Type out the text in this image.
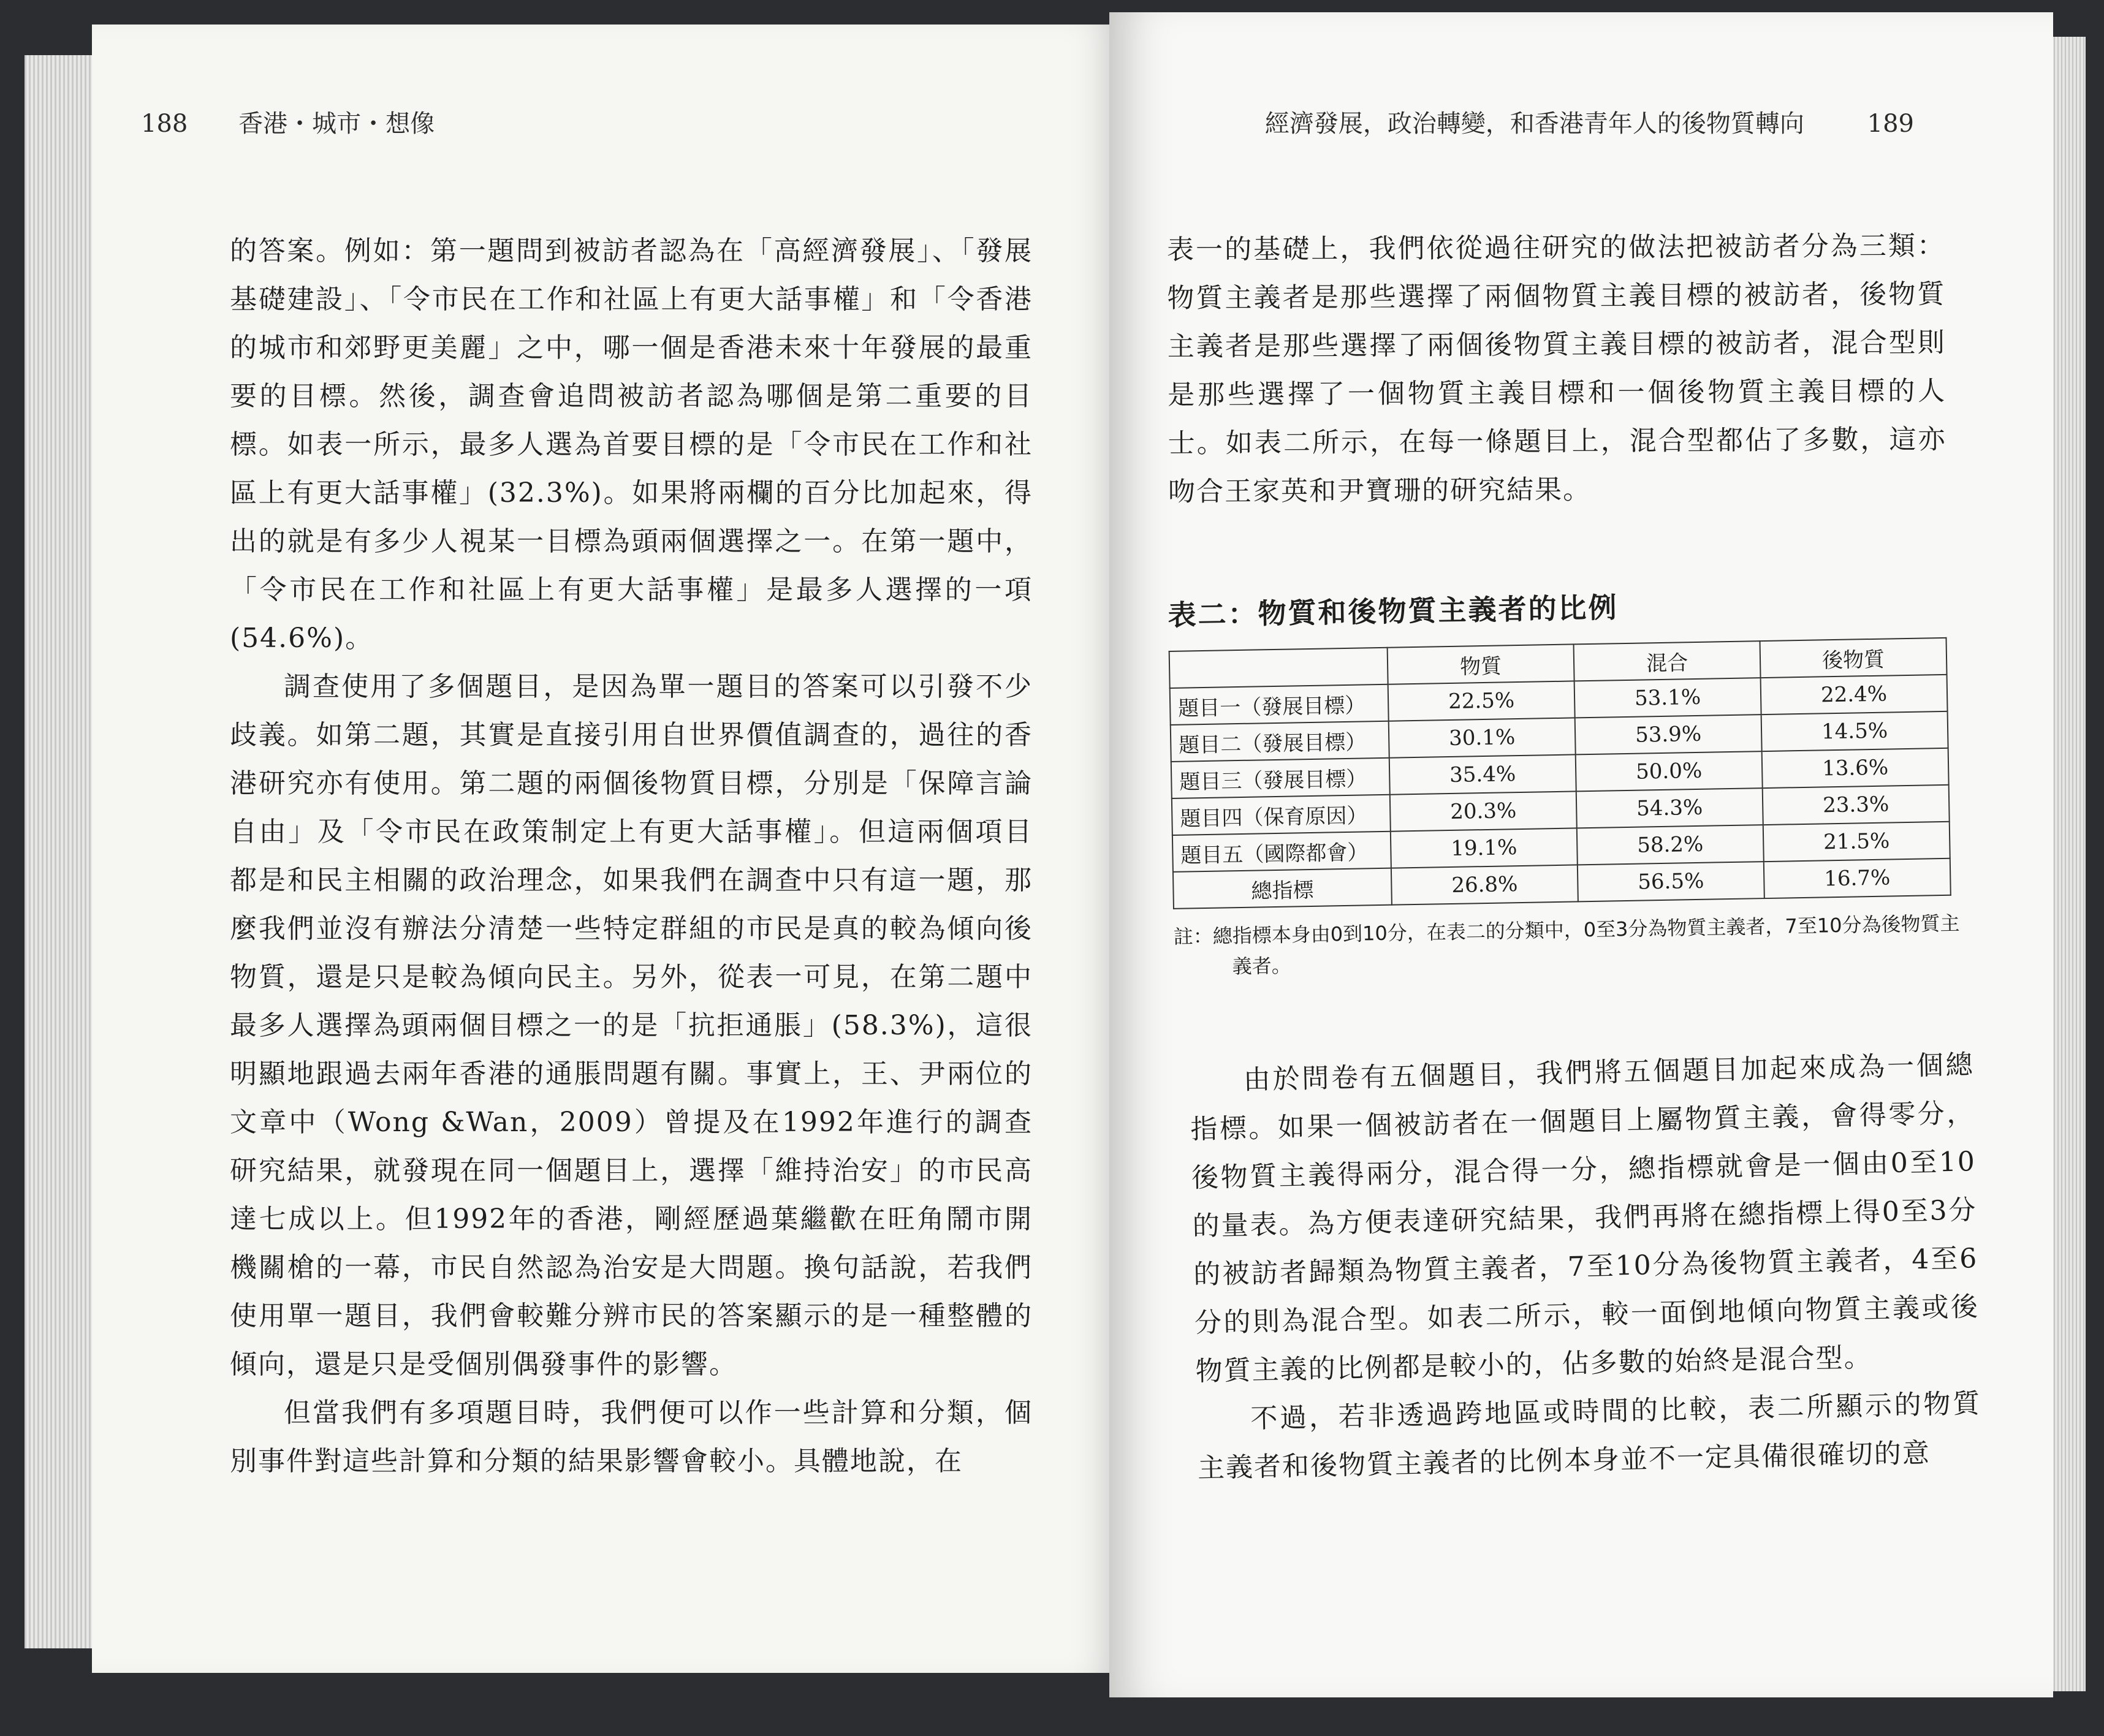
188 香港・城市・想像	經濟發展，政治轉變，和香港青年人的後物質轉向	189

的答案。例如：第一題問到被訪者認為在「高經濟發展」、「發展基礎建設」、「令市民在工作和社區上有更大話事權」和「令香港的城市和郊野更美麗」之中，哪一個是香港未來十年發展的最重要的目標。然後，調查會追問被訪者認為哪個是第二重要的目標。如表一所示，最多人選為首要目標的是「令市民在工作和社區上有更大話事權」(32.3%)。如果將兩欄的百分比加起來，得出的就是有多少人視某一目標為頭兩個選擇之一。在第一題中，「令市民在工作和社區上有更大話事權」是最多人選擇的一項(54.6%)。

調查使用了多個題目，是因為單一題目的答案可以引發不少歧義。如第二題，其實是直接引用自世界價值調查的，過往的香港研究亦有使用。第二題的兩個後物質目標，分別是「保障言論自由」及「令市民在政策制定上有更大話事權」。但這兩個項目都是和民主相關的政治理念，如果我們在調查中只有這一題，那麼我們並沒有辦法分清楚一些特定群組的市民是真的較為傾向後物質，還是只是較為傾向民主。另外，從表一可見，在第二題中最多人選擇為頭兩個目標之一的是「抗拒通脹」(58.3%)，這很明顯地跟過去兩年香港的通脹問題有關。事實上，王、尹兩位的文章中（Wong &Wan，2009）曾提及在1992年進行的調查研究結果，就發現在同一個題目上，選擇「維持治安」的市民高達七成以上。但1992年的香港，剛經歷過葉繼歡在旺角鬧市開機關槍的一幕，市民自然認為治安是大問題。換句話說，若我們使用單一題目，我們會較難分辨市民的答案顯示的是一種整體的傾向，還是只是受個別偶發事件的影響。

但當我們有多項題目時，我們便可以作一些計算和分類，個別事件對這些計算和分類的結果影響會較小。具體地說，在

表一的基礎上，我們依從過往研究的做法把被訪者分為三類：物質主義者是那些選擇了兩個物質主義目標的被訪者，後物質主義者是那些選擇了兩個後物質主義目標的被訪者，混合型則是那些選擇了一個物質主義目標和一個後物質主義目標的人士。如表二所示，在每一條題目上，混合型都佔了多數，這亦吻合王家英和尹寶珊的研究結果。

表二：物質和後物質主義者的比例
	物質	混合	後物質
題目一（發展目標）	22.5%	53.1%	22.4%
題目二（發展目標）	30.1%	53.9%	14.5%
題目三（發展目標）	35.4%	50.0%	13.6%
題目四（保育原因）	20.3%	54.3%	23.3%
題目五（國際都會）	19.1%	58.2%	21.5%
總指標	26.8%	56.5%	16.7%
註：總指標本身由0到10分，在表二的分類中，0至3分為物質主義者，7至10分為後物質主義者。

由於問卷有五個題目，我們將五個題目加起來成為一個總指標。如果一個被訪者在一個題目上屬物質主義，會得零分，後物質主義得兩分，混合得一分，總指標就會是一個由0至10的量表。為方便表達研究結果，我們再將在總指標上得0至3分的被訪者歸類為物質主義者，7至10分為後物質主義者，4至6分的則為混合型。如表二所示，較一面倒地傾向物質主義或後物質主義的比例都是較小的，佔多數的始終是混合型。

不過，若非透過跨地區或時間的比較，表二所顯示的物質主義者和後物質主義者的比例本身並不一定具備很確切的意
